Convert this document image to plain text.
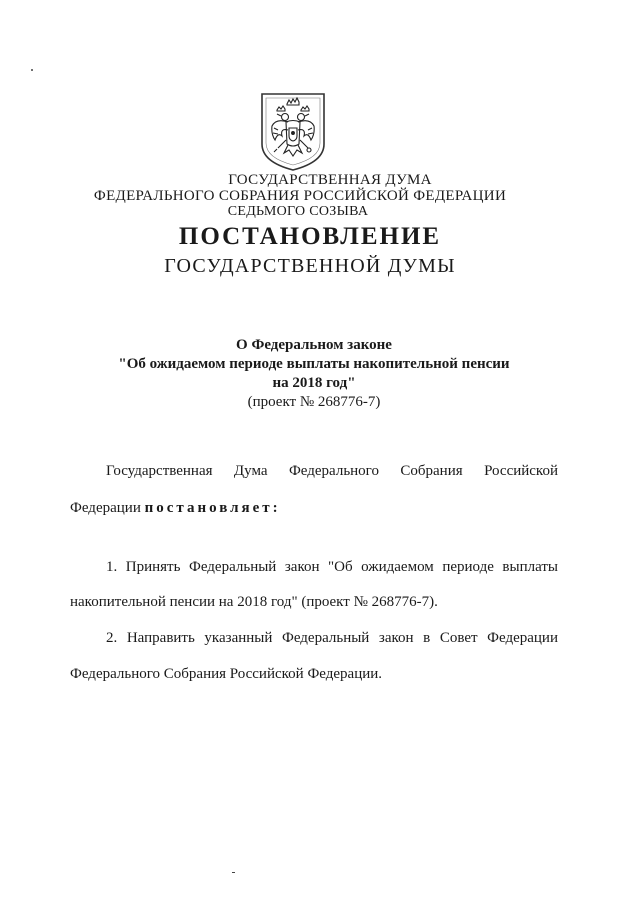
ГОСУДАРСТВЕННАЯ ДУМА
ФЕДЕРАЛЬНОГО СОБРАНИЯ РОССИЙСКОЙ ФЕДЕРАЦИИ
СЕДЬМОГО СОЗЫВА
ПОСТАНОВЛЕНИЕ
ГОСУДАРСТВЕННОЙ ДУМЫ
О Федеральном законе
"Об ожидаемом периоде выплаты накопительной пенсии
на 2018 год"
(проект № 268776-7)
Государственная Дума Федерального Собрания Российской
Федерации постановляет:
1. Принять Федеральный закон "Об ожидаемом периоде выплаты
накопительной пенсии на 2018 год" (проект № 268776-7).
2. Направить указанный Федеральный закон в Совет Федерации
Федерального Собрания Российской Федерации.
